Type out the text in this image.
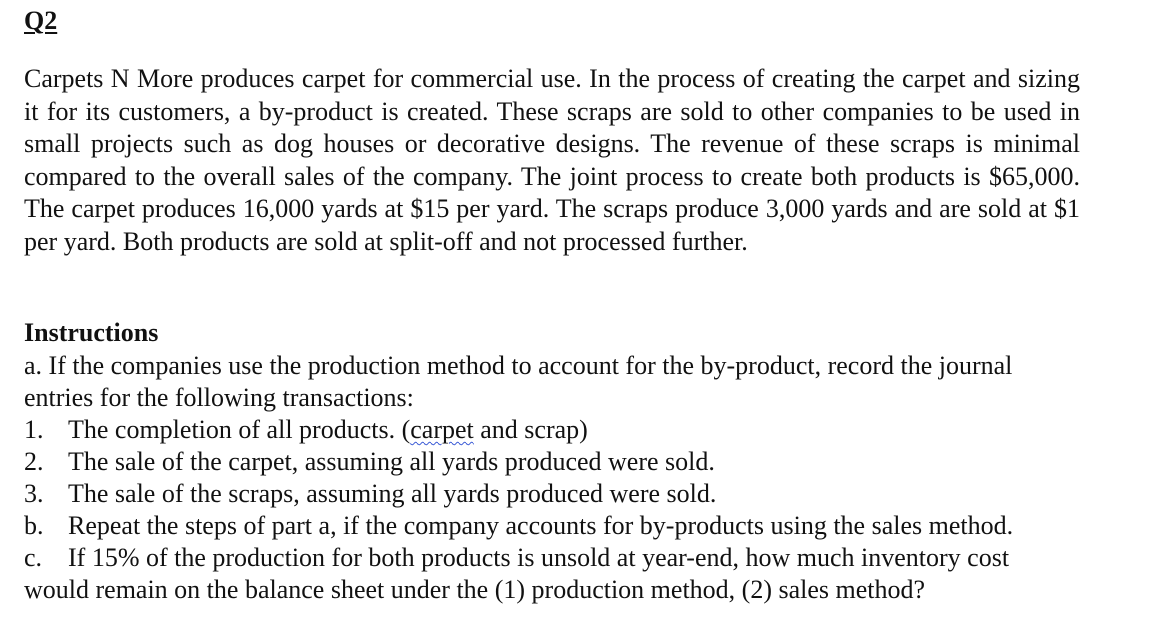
Q2

Carpets N More produces carpet for commercial use. In the process of creating the carpet and sizing it for its customers, a by-product is created. These scraps are sold to other companies to be used in small projects such as dog houses or decorative designs. The revenue of these scraps is minimal compared to the overall sales of the company. The joint process to create both products is $65,000. The carpet produces 16,000 yards at $15 per yard. The scraps produce 3,000 yards and are sold at $1 per yard. Both products are sold at split-off and not processed further.

Instructions
a. If the companies use the production method to account for the by-product, record the journal
entries for the following transactions:
1. The completion of all products. (carpet and scrap)
2. The sale of the carpet, assuming all yards produced were sold.
3. The sale of the scraps, assuming all yards produced were sold.
b. Repeat the steps of part a, if the company accounts for by-products using the sales method.
c. If 15% of the production for both products is unsold at year-end, how much inventory cost
would remain on the balance sheet under the (1) production method, (2) sales method?
